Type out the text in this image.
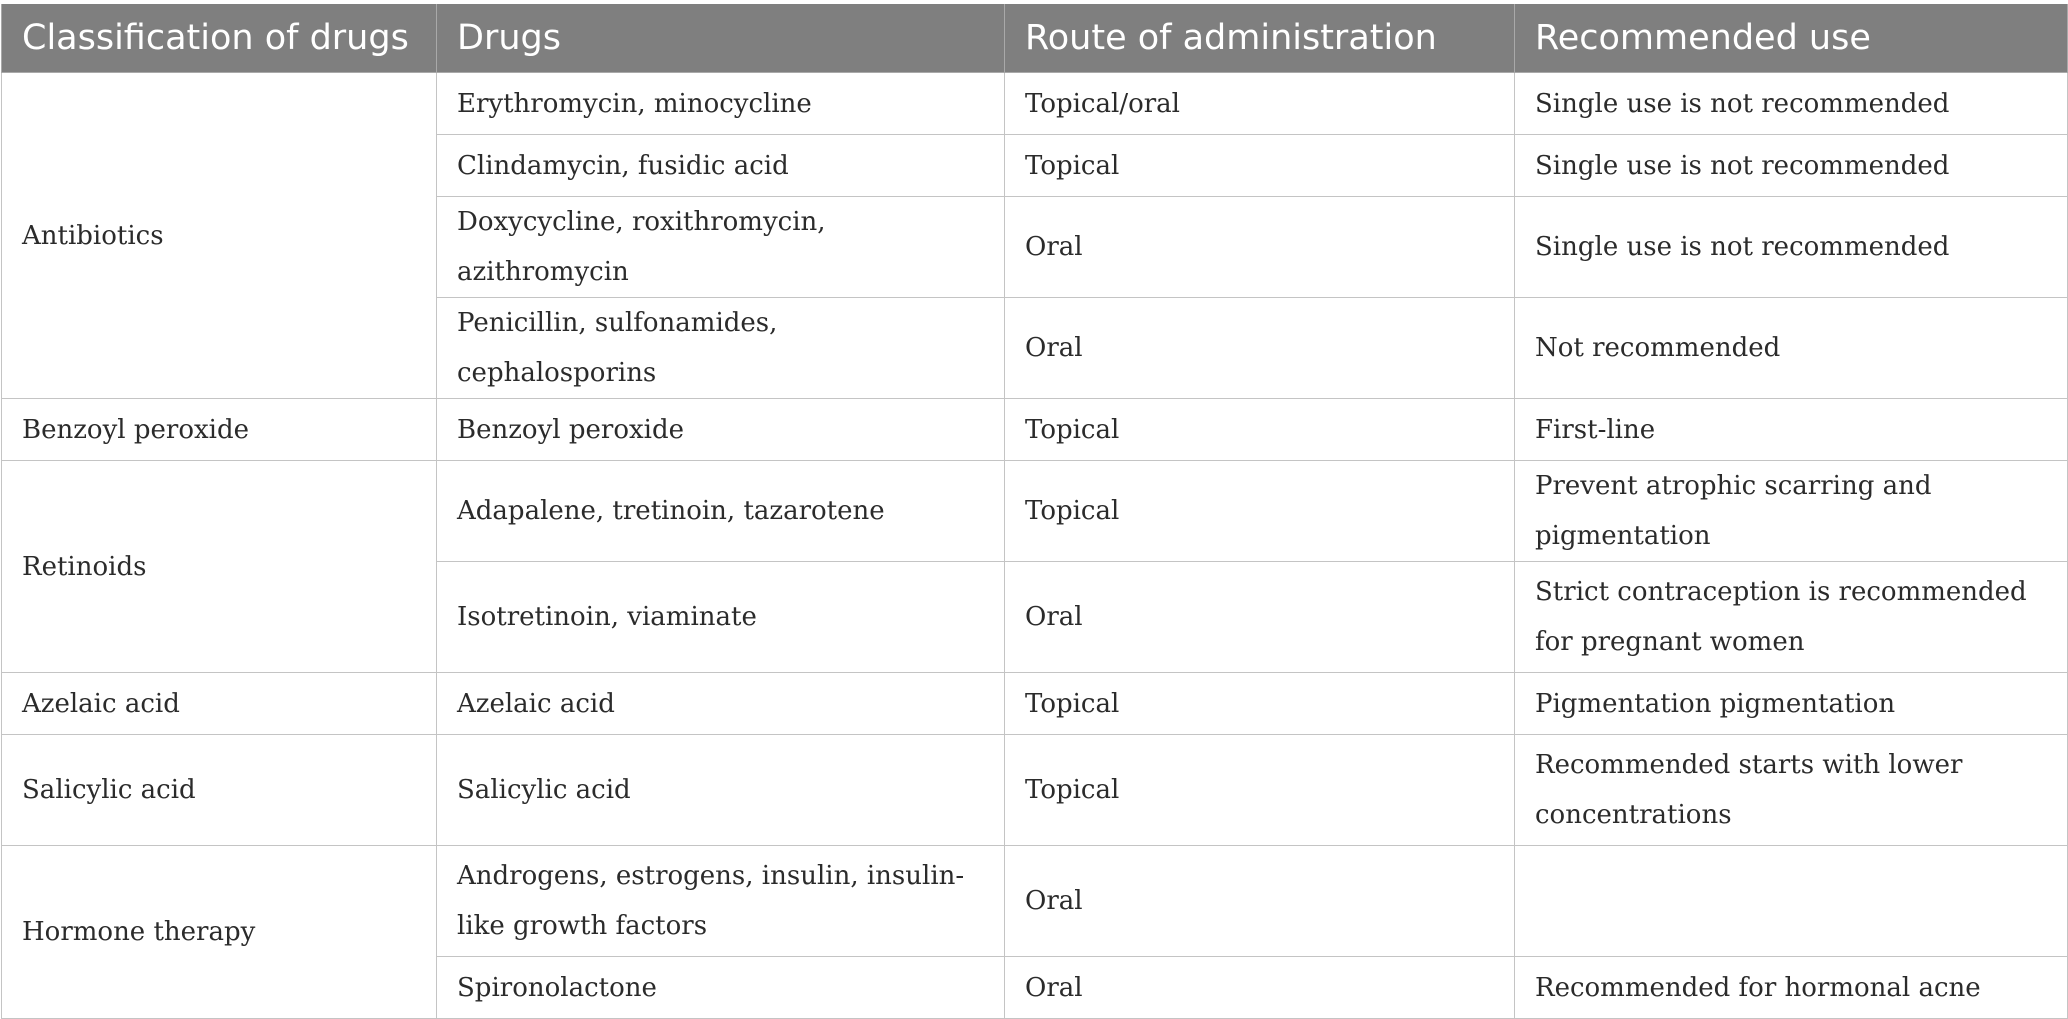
Classification of drugs	Drugs	Route of administration	Recommended use
Antibiotics	Erythromycin, minocycline	Topical/oral	Single use is not recommended
	Clindamycin, fusidic acid	Topical	Single use is not recommended
	Doxycycline, roxithromycin, azithromycin	Oral	Single use is not recommended
	Penicillin, sulfonamides, cephalosporins	Oral	Not recommended
Benzoyl peroxide	Benzoyl peroxide	Topical	First-line
Retinoids	Adapalene, tretinoin, tazarotene	Topical	Prevent atrophic scarring and pigmentation
	Isotretinoin, viaminate	Oral	Strict contraception is recommended for pregnant women
Azelaic acid	Azelaic acid	Topical	Pigmentation pigmentation
Salicylic acid	Salicylic acid	Topical	Recommended starts with lower concentrations
Hormone therapy	Androgens, estrogens, insulin, insulin-like growth factors	Oral	
	Spironolactone	Oral	Recommended for hormonal acne
